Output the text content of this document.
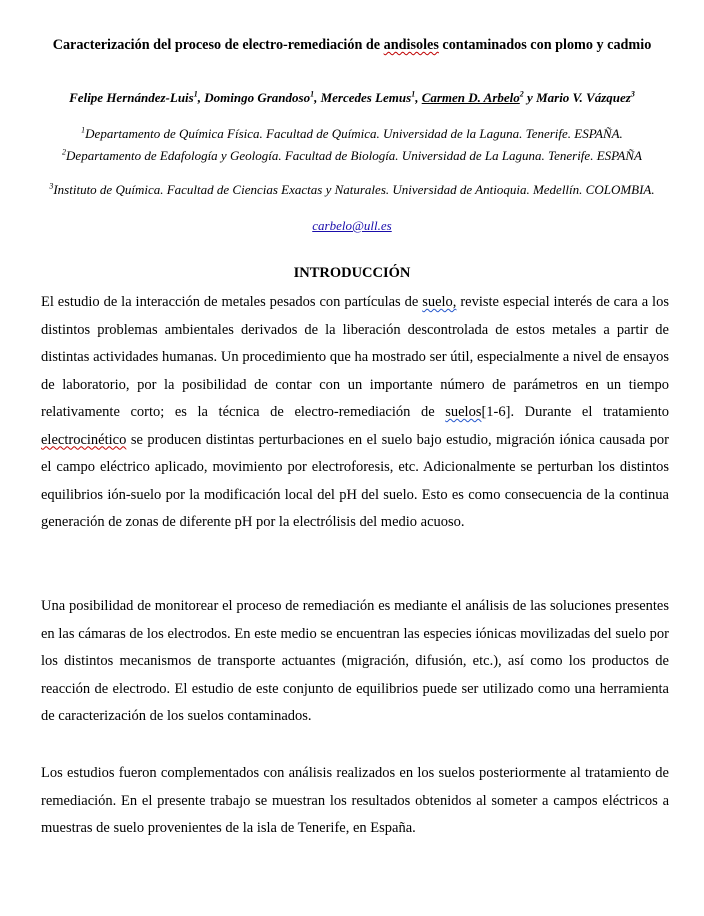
Caracterización del proceso de electro-remediación de andisoles contaminados con plomo y cadmio
Felipe Hernández-Luis$^1$, Domingo Grandoso$^1$, Mercedes Lemus$^1$, Carmen D. Arbelo$^2$ y Mario V. Vázquez$^3$
$^1$Departamento de Química Física. Facultad de Química. Universidad de la Laguna. Tenerife. ESPAÑA.
$^2$Departamento de Edafología y Geología. Facultad de Biología. Universidad de La Laguna. Tenerife. ESPAÑA
$^3$Instituto de Química. Facultad de Ciencias Exactas y Naturales. Universidad de Antioquia. Medellín. COLOMBIA.
carbelo@ull.es
INTRODUCCIÓN
El estudio de la interacción de metales pesados con partículas de suelo, reviste especial interés de cara a los distintos problemas ambientales derivados de la liberación descontrolada de estos metales a partir de distintas actividades humanas. Un procedimiento que ha mostrado ser útil, especialmente a nivel de ensayos de laboratorio, por la posibilidad de contar con un importante número de parámetros en un tiempo relativamente corto; es la técnica de electro-remediación de suelos[1-6]. Durante el tratamiento electrocinético se producen distintas perturbaciones en el suelo bajo estudio, migración iónica causada por el campo eléctrico aplicado, movimiento por electroforesis, etc. Adicionalmente se perturban los distintos equilibrios ión-suelo por la modificación local del pH del suelo. Esto es como consecuencia de la continua generación de zonas de diferente pH por la electrólisis del medio acuoso.
Una posibilidad de monitorear el proceso de remediación es mediante el análisis de las soluciones presentes en las cámaras de los electrodos. En este medio se encuentran las especies iónicas movilizadas del suelo por los distintos mecanismos de transporte actuantes (migración, difusión, etc.), así como los productos de reacción de electrodo. El estudio de este conjunto de equilibrios puede ser utilizado como una herramienta de caracterización de los suelos contaminados.
Los estudios fueron complementados con análisis realizados en los suelos posteriormente al tratamiento de remediación. En el presente trabajo se muestran los resultados obtenidos al someter a campos eléctricos a muestras de suelo provenientes de la isla de Tenerife, en España.
